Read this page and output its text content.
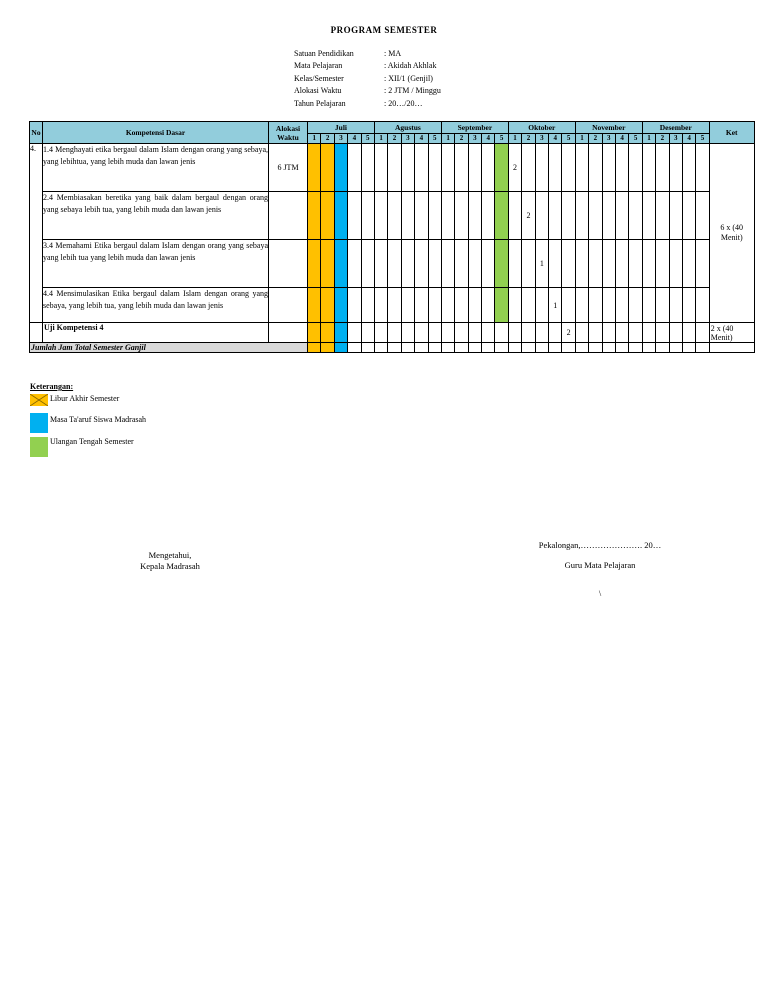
PROGRAM SEMESTER
Satuan Pendidikan	: MA
Mata Pelajaran	: Akidah Akhlak
Kelas/Semester	: XII/1 (Genjil)
Alokasi Waktu	: 2 JTM / Minggu
Tahun Pelajaran	: 20…/20…
No	Kompetensi Dasar	Alokasi Waktu	Juli					Agustus					September					Oktober					November					Desember					Ket
			1	2	3	4	5	1	2	3	4	5	1	2	3	4	5	1	2	3	4	5	1	2	3	4	5	1	2	3	4	5	
4.	1.4 Menghayati etika bergaul dalam Islam dengan orang yang sebaya, yang lebihtua, yang lebih muda dan lawan jenis	6 JTM																2															6 x (40 Menit)
	2.4 Membiasakan beretika yang baik dalam bergaul dengan orang yang sebaya lebih tua, yang lebih muda dan lawan jenis																		2														
	3.4 Memahami Etika bergaul dalam Islam dengan orang yang sebaya yang lebih tua yang lebih muda dan lawan jenis																			1													
	4.4 Mensimulasikan Etika bergaul dalam Islam dengan orang yang sebaya, yang lebih tua, yang lebih muda dan lawan jenis																				1												
	Uji Kompetensi 4																					2											2 x (40 Menit)
Jumlah Jam Total Semester Ganjil																																	
Keterangan:
Libur Akhir Semester
Masa Ta'aruf Siswa Madrasah
Ulangan Tengah Semester
Mengetahui,
Kepala Madrasah
Pekalongan,…………………. 20…
Guru Mata Pelajaran
\
